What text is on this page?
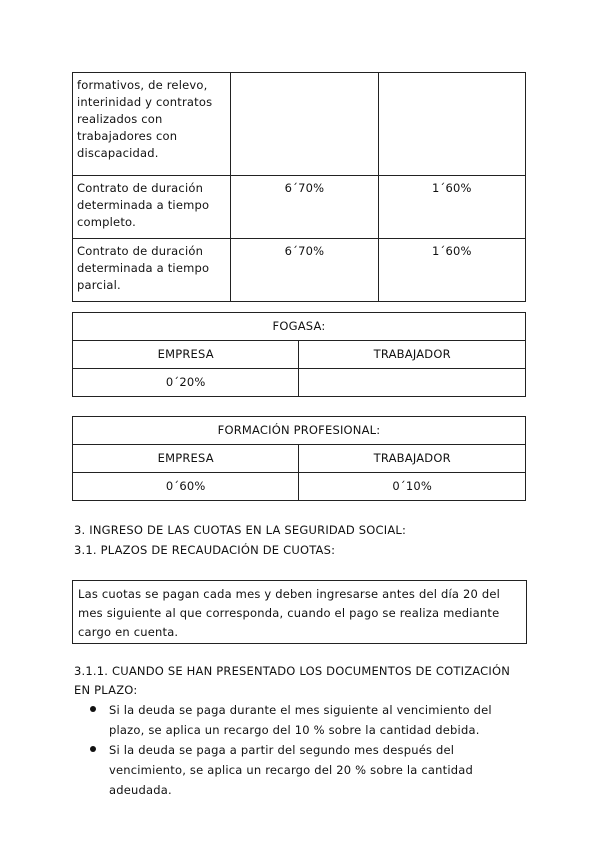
formativos, de relevo, interinidad y contratos realizados con trabajadores con discapacidad.		
Contrato de duración determinada a tiempo completo.	6´70%	1´60%
Contrato de duración determinada a tiempo parcial.	6´70%	1´60%
FOGASA:	
EMPRESA	TRABAJADOR
0´20%	
FORMACIÓN PROFESIONAL:	
EMPRESA	TRABAJADOR
0´60%	0´10%

3. INGRESO DE LAS CUOTAS EN LA SEGURIDAD SOCIAL:

3.1. PLAZOS DE RECAUDACIÓN DE CUOTAS:

Las cuotas se pagan cada mes y deben ingresarse antes del día 20 del mes siguiente al que corresponda, cuando el pago se realiza mediante cargo en cuenta.

3.1.1. CUANDO SE HAN PRESENTADO LOS DOCUMENTOS DE COTIZACIÓN EN PLAZO:

Si la deuda se paga durante el mes siguiente al vencimiento del plazo, se aplica un recargo del 10 % sobre la cantidad debida.
Si la deuda se paga a partir del segundo mes después del vencimiento, se aplica un recargo del 20 % sobre la cantidad adeudada.
